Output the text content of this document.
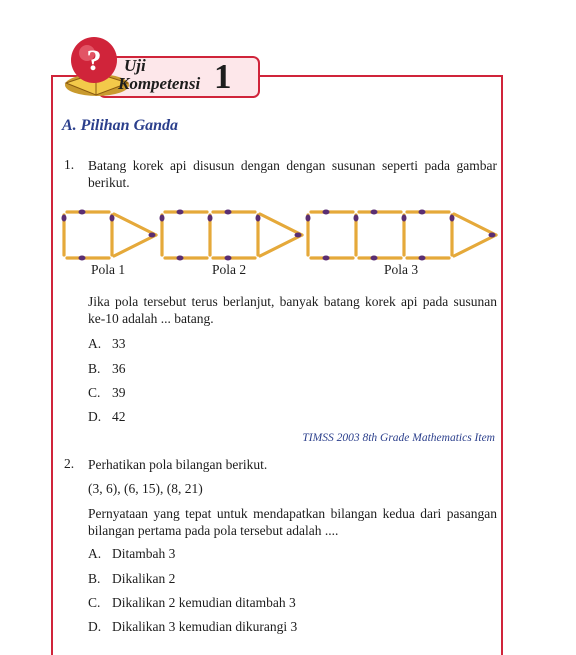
? Uji
Kompetensi 1
A. Pilihan Ganda
1. Batang korek api disusun dengan dengan susunan seperti pada gambar berikut.
Pola 1	Pola 2	Pola 3
Jika pola tersebut terus berlanjut, banyak batang korek api pada susunan ke-10 adalah ... batang.
A. 33
B. 36
C. 39
D. 42
TIMSS 2003 8th Grade Mathematics Item
2. Perhatikan pola bilangan berikut.
(3, 6), (6, 15), (8, 21)
Pernyataan yang tepat untuk mendapatkan bilangan kedua dari pasangan bilangan pertama pada pola tersebut adalah ....
A. Ditambah 3
B. Dikalikan 2
C. Dikalikan 2 kemudian ditambah 3
D. Dikalikan 3 kemudian dikurangi 3
